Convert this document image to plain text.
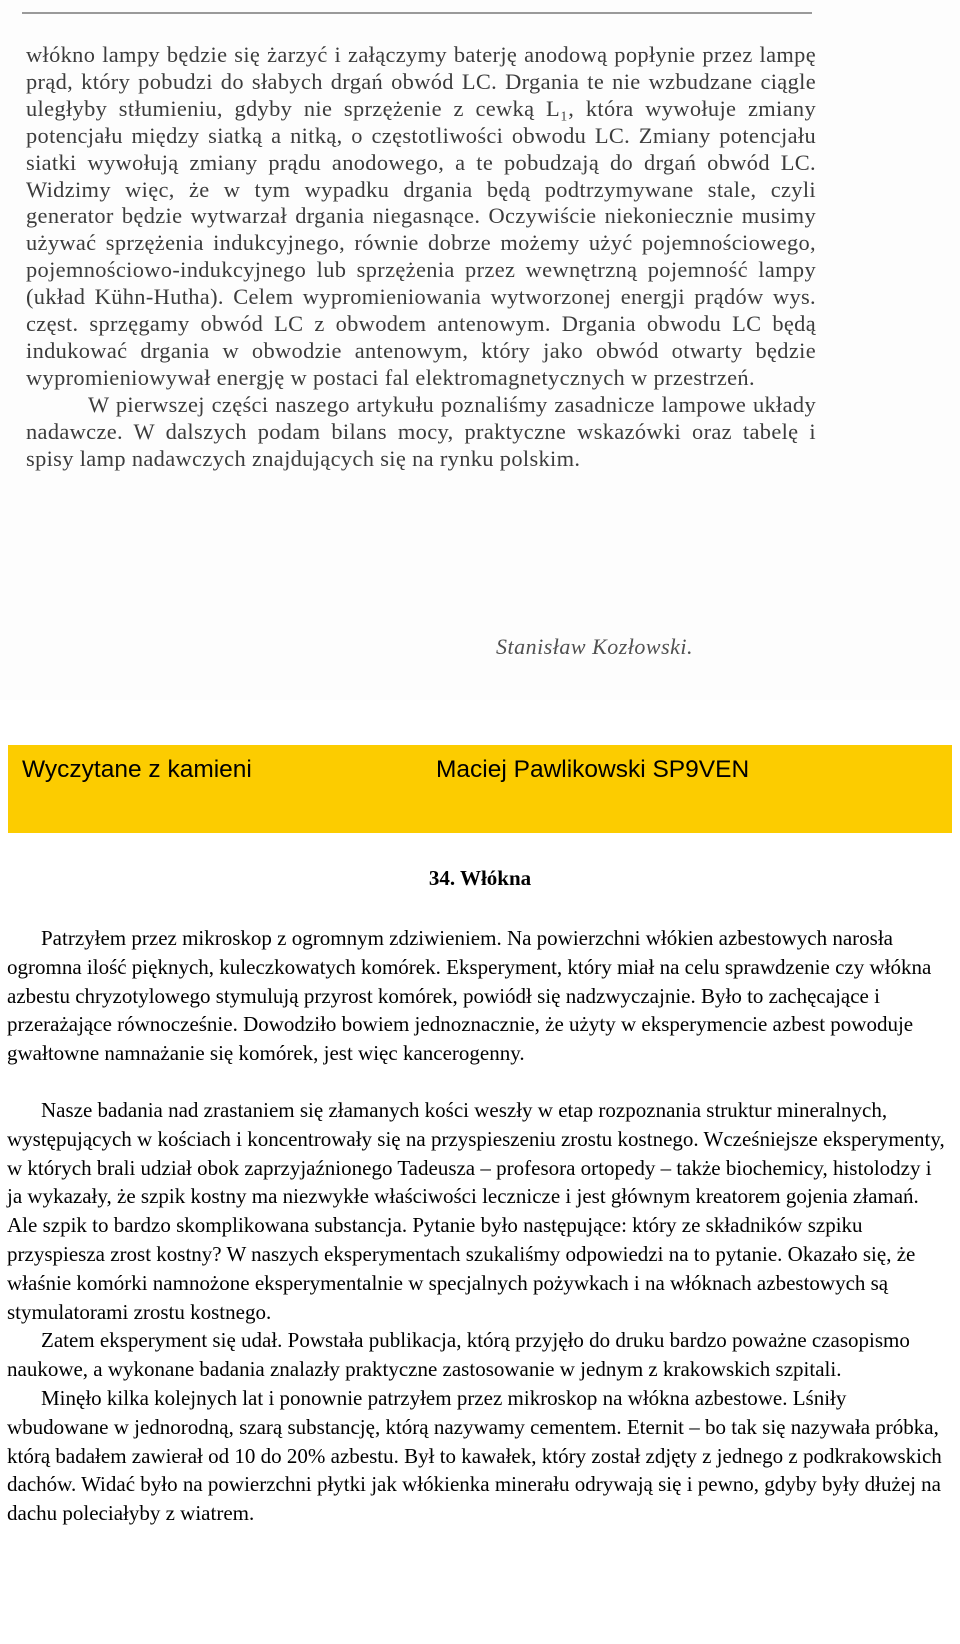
włókno lampy będzie się żarzyć i załączymy baterję anodową popłynie przez lampę prąd, który pobudzi do słabych drgań obwód LC. Drgania te nie wzbudzane ciągle uległyby stłumieniu, gdyby nie sprzężenie z cewką L₁, która wywołuje zmiany potencjału między siatką a nitką, o częstotliwości obwodu LC. Zmiany potencjału siatki wywołują zmiany prądu anodowego, a te pobudzają do drgań obwód LC. Widzimy więc, że w tym wypadku drgania będą podtrzymywane stale, czyli generator będzie wytwarzał drgania niegasnące. Oczywiście niekoniecznie musimy używać sprzężenia indukcyjnego, równie dobrze możemy użyć pojemnościowego, pojemnościowo-indukcyjnego lub sprzężenia przez wewnętrzną pojemność lampy (układ Kühn-Hutha). Celem wypromieniowania wytworzonej energji prądów wys. częst. sprzęgamy obwód LC z obwodem antenowym. Drgania obwodu LC będą indukować drgania w obwodzie antenowym, który jako obwód otwarty będzie wypromieniowywał energję w postaci fal elektromagnetycznych w przestrzeń.

W pierwszej części naszego artykułu poznaliśmy zasadnicze lampowe układy nadawcze. W dalszych podam bilans mocy, praktyczne wskazówki oraz tabelę i spisy lamp nadawczych znajdujących się na rynku polskim.

Stanisław Kozłowski.
Wyczytane z kamieni	Maciej Pawlikowski SP9VEN
34. Włókna

Patrzyłem przez mikroskop z ogromnym zdziwieniem. Na powierzchni włókien azbestowych narosła ogromna ilość pięknych, kuleczkowatych komórek. Eksperyment, który miał na celu sprawdzenie czy włókna azbestu chryzotylowego stymulują przyrost komórek, powiódł się nadzwyczajnie. Było to zachęcające i przerażające równocześnie. Dowodziło bowiem jednoznacznie, że użyty w eksperymencie azbest powoduje gwałtowne namnażanie się komórek, jest więc kancerogenny.

Nasze badania nad zrastaniem się złamanych kości weszły w etap rozpoznania struktur mineralnych, występujących w kościach i koncentrowały się na przyspieszeniu zrostu kostnego. Wcześniejsze eksperymenty, w których brali udział obok zaprzyjaźnionego Tadeusza – profesora ortopedy – także biochemicy, histolodzy i ja wykazały, że szpik kostny ma niezwykłe właściwości lecznicze i jest głównym kreatorem gojenia złamań. Ale szpik to bardzo skomplikowana substancja. Pytanie było następujące: który ze składników szpiku przyspiesza zrost kostny? W naszych eksperymentach szukaliśmy odpowiedzi na to pytanie. Okazało się, że właśnie komórki namnożone eksperymentalnie w specjalnych pożywkach i na włóknach azbestowych są stymulatorami zrostu kostnego.

Zatem eksperyment się udał. Powstała publikacja, którą przyjęło do druku bardzo poważne czasopismo naukowe, a wykonane badania znalazły praktyczne zastosowanie w jednym z krakowskich szpitali.

Minęło kilka kolejnych lat i ponownie patrzyłem przez mikroskop na włókna azbestowe. Lśniły wbudowane w jednorodną, szarą substancję, którą nazywamy cementem. Eternit – bo tak się nazywała próbka, którą badałem zawierał od 10 do 20% azbestu. Był to kawałek, który został zdjęty z jednego z podkrakowskich dachów. Widać było na powierzchni płytki jak włókienka minerału odrywają się i pewno, gdyby były dłużej na dachu poleciałyby z wiatrem.
